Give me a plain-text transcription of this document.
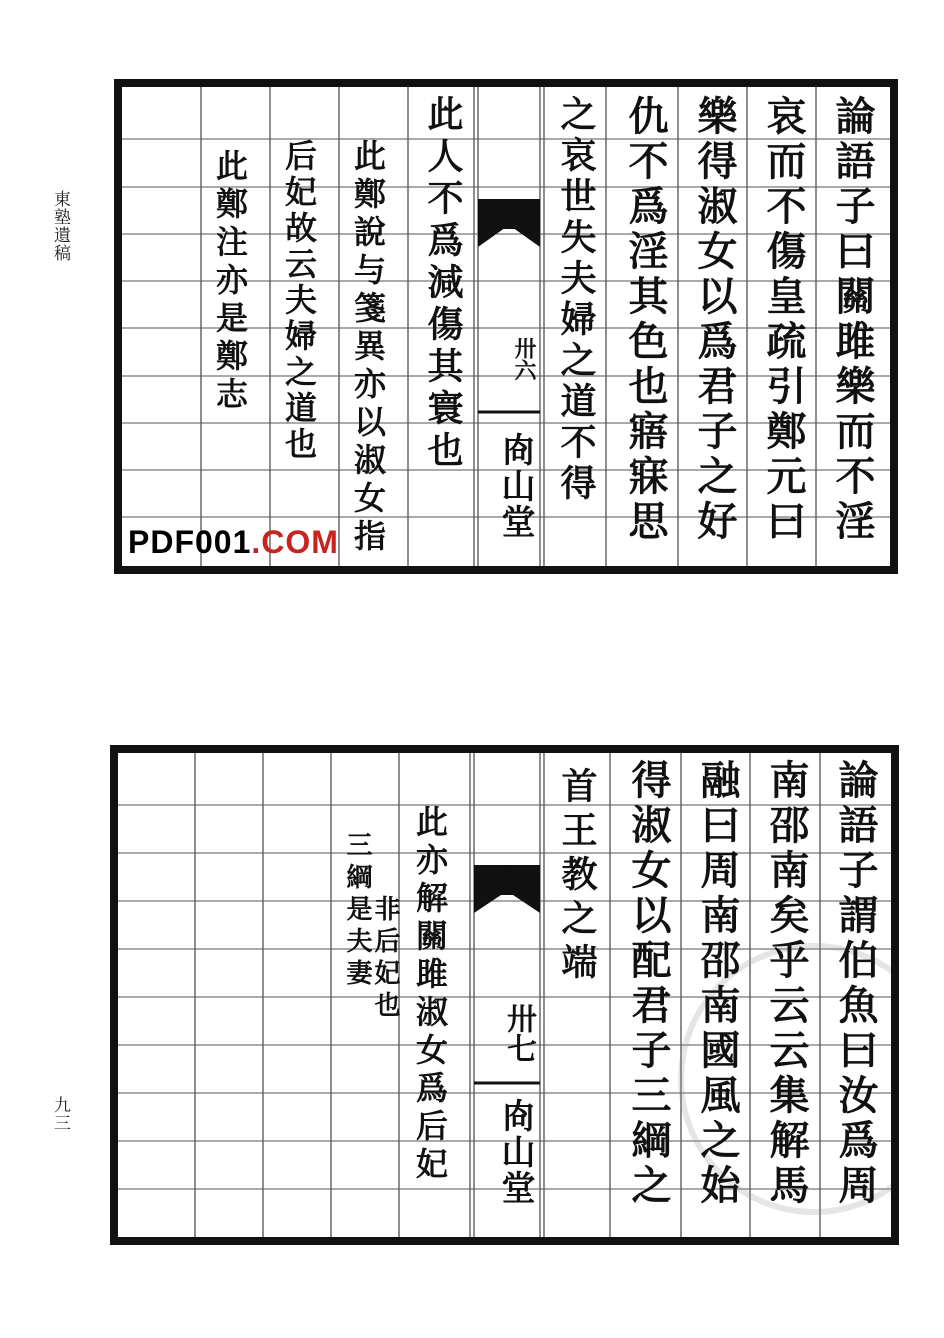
東塾遺稿
九三
論語子曰關雎樂而不淫
哀而不傷皇疏引鄭元曰
樂得淑女以爲君子之好
仇不爲淫其色也寤寐思
之哀世失夫婦之道不得
卅六
㕯山堂
此人不爲減傷其寰也
此鄭說与箋異亦以淑女指
后妃故云夫婦之道也
此鄭注亦是鄭志
PDF001.COM
論語子謂伯魚曰汝爲周
南邵南矣乎云云集解馬
融曰周南邵南國風之始
得淑女以配君子三綱之
首王教之端
卅七
㕯山堂
此亦解關雎淑女爲后妃
非后妃也
三綱是夫妻
